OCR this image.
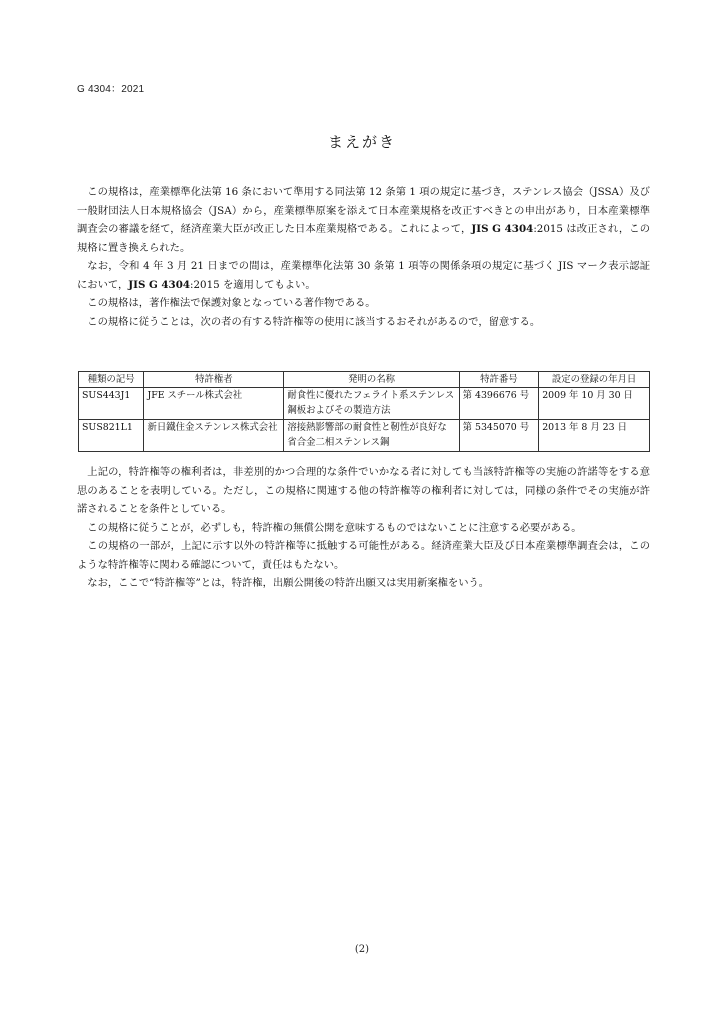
G 4304：2021
まえがき

この規格は，産業標準化法第 16 条において準用する同法第 12 条第 1 項の規定に基づき，ステンレス協会（JSSA）及び一般財団法人日本規格協会（JSA）から，産業標準原案を添えて日本産業規格を改正すべきとの申出があり，日本産業標準調査会の審議を経て，経済産業大臣が改正した日本産業規格である。これによって，JIS G 4304:2015 は改正され，この規格に置き換えられた。

なお，令和 4 年 3 月 21 日までの間は，産業標準化法第 30 条第 1 項等の関係条項の規定に基づく JIS マーク表示認証において，JIS G 4304:2015 を適用してもよい。

この規格は，著作権法で保護対象となっている著作物である。

この規格に従うことは，次の者の有する特許権等の使用に該当するおそれがあるので，留意する。

種類の記号	特許権者	発明の名称	特許番号	設定の登録の年月日
SUS443J1	JFE スチール株式会社	耐食性に優れたフェライト系ステンレス鋼板およびその製造方法	第 4396676 号	2009 年 10 月 30 日
SUS821L1	新日鐵住金ステンレス株式会社	溶接熱影響部の耐食性と靭性が良好な省合金二相ステンレス鋼	第 5345070 号	2013 年 8 月 23 日

上記の，特許権等の権利者は，非差別的かつ合理的な条件でいかなる者に対しても当該特許権等の実施の許諾等をする意思のあることを表明している。ただし，この規格に関連する他の特許権等の権利者に対しては，同様の条件でその実施が許諾されることを条件としている。

この規格に従うことが，必ずしも，特許権の無償公開を意味するものではないことに注意する必要がある。

この規格の一部が，上記に示す以外の特許権等に抵触する可能性がある。経済産業大臣及び日本産業標準調査会は，このような特許権等に関わる確認について，責任はもたない。

なお，ここで“特許権等”とは，特許権，出願公開後の特許出願又は実用新案権をいう。

(2)
